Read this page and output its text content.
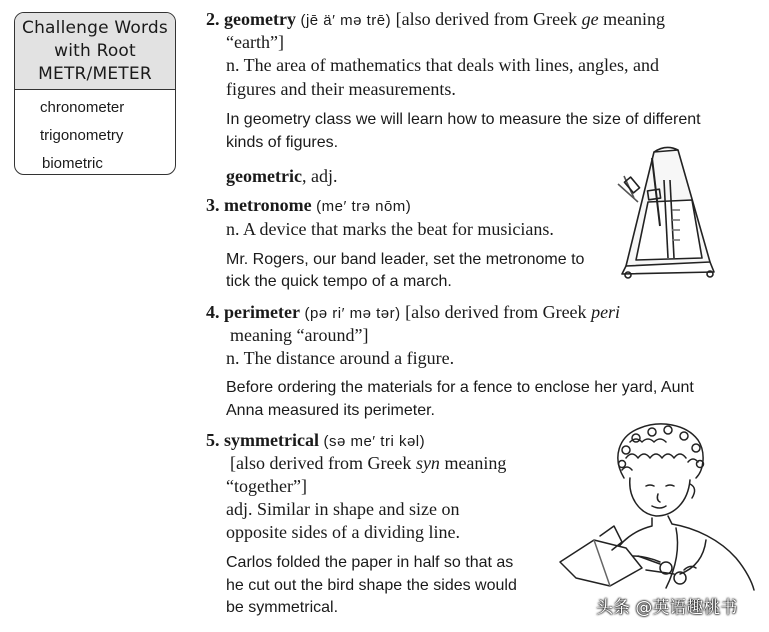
Challenge Words
with Root
METR/METER
chronometer
trigonometry
biometric
2. geometry (jē ä′ mə trē) [also derived from Greek ge meaning
“earth”]
n. The area of mathematics that deals with lines, angles, and
figures and their measurements.
In geometry class we will learn how to measure the size of different
kinds of figures.
geometric, adj.
3. metronome (me′ trə nōm)
n. A device that marks the beat for musicians.
Mr. Rogers, our band leader, set the metronome to
tick the quick tempo of a march.
4. perimeter (pə ri′ mə tər) [also derived from Greek peri
meaning “around”]
n. The distance around a figure.
Before ordering the materials for a fence to enclose her yard, Aunt
Anna measured its perimeter.
5. symmetrical (sə me′ tri kəl)
[also derived from Greek syn meaning
“together”]
adj. Similar in shape and size on
opposite sides of a dividing line.
Carlos folded the paper in half so that as
he cut out the bird shape the sides would
be symmetrical.	头条 @英语趣桃书
